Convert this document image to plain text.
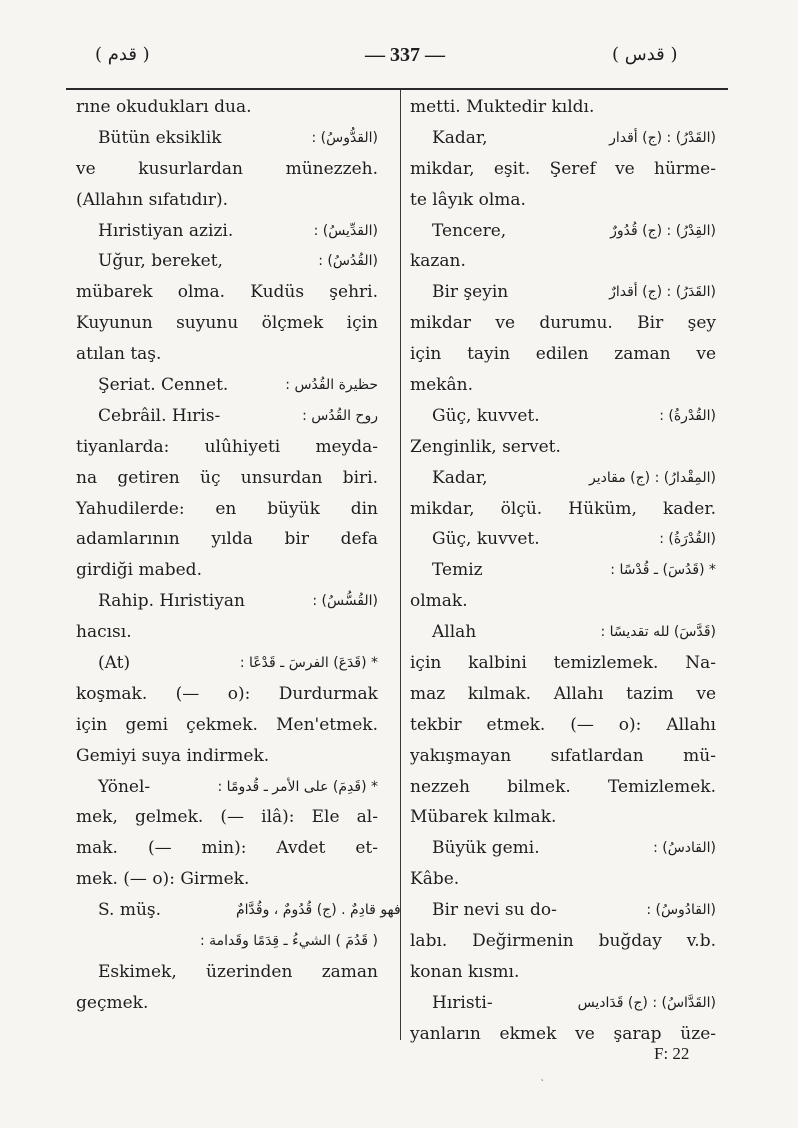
( قدم )	— 337 —	( قدس )
rıne okudukları dua.
Bütün eksiklik	(القدُّوسُ) :
ve kusurlardan münezzeh.
(Allahın sıfatıdır).
Hıristiyan azizi.	(القدِّيسُ) :
Uğur, bereket,	(القُدُسُ) :
mübarek olma. Kudüs şehri.
Kuyunun suyunu ölçmek için
atılan taş.
Şeriat. Cennet.	حظيرة القُدُس :
Cebrâil. Hıris-	روح القُدُس :
tiyanlarda: ulûhiyeti meyda-
na getiren üç unsurdan biri.
Yahudilerde: en büyük din
adamlarının yılda bir defa
girdiği mabed.
Rahip. Hıristiyan	(القُسُّسُ) :
hacısı.
(At)	* (قَدَعَ) الفرسَ ـ قَدْعًا :
koşmak. (— o): Durdurmak
için gemi çekmek. Men'etmek.
Gemiyi suya indirmek.
Yönel-	* (قَدِمَ) على الأمر ـ قُدومًا :
mek, gelmek. (— ilâ): Ele al-
mak. (— min): Avdet et-
mek. (— o): Girmek.
S. müş.	فهو قادِمٌ . (ج) قُدُومٌ ، وقُدَّامٌ
( قَدُمَ ) الشيءُ ـ قِدَمًا وقَدامة :
Eskimek, üzerinden zaman
geçmek.
metti. Muktedir kıldı.
Kadar,	(القَدْرُ) : (ج) أقدار
mikdar, eşit. Şeref ve hürme-
te lâyık olma.
Tencere,	(القِدْرُ) : (ج) قُدُورٌ
kazan.
Bir şeyin	(القَدَرُ) : (ج) أقدارٌ
mikdar ve durumu. Bir şey
için tayin edilen zaman ve
mekân.
Güç, kuvvet.	(القُدْرةُ) :
Zenginlik, servet.
Kadar,	(المِقْدارُ) : (ج) مقادير
mikdar, ölçü. Hüküm, kader.
Güç, kuvvet.	(القُدْرَةُ) :
Temiz	* (قَدُسَ) ـ قُدْسًا :
olmak.
Allah	(قَدَّسَ) لله تقديسًا :
için kalbini temizlemek. Na-
maz kılmak. Allahı tazim ve
tekbir etmek. (— o): Allahı
yakışmayan sıfatlardan mü-
nezzeh bilmek. Temizlemek.
Mübarek kılmak.
Büyük gemi.	(القادسُ) :
Kâbe.
Bir nevi su do-	(القادُوسُ) :
labı. Değirmenin buğday v.b.
konan kısmı.
Hıristi-	(القَدَّاسُ) : (ج) قَدَاديس
yanların ekmek ve şarap üze-
F: 22
˛
